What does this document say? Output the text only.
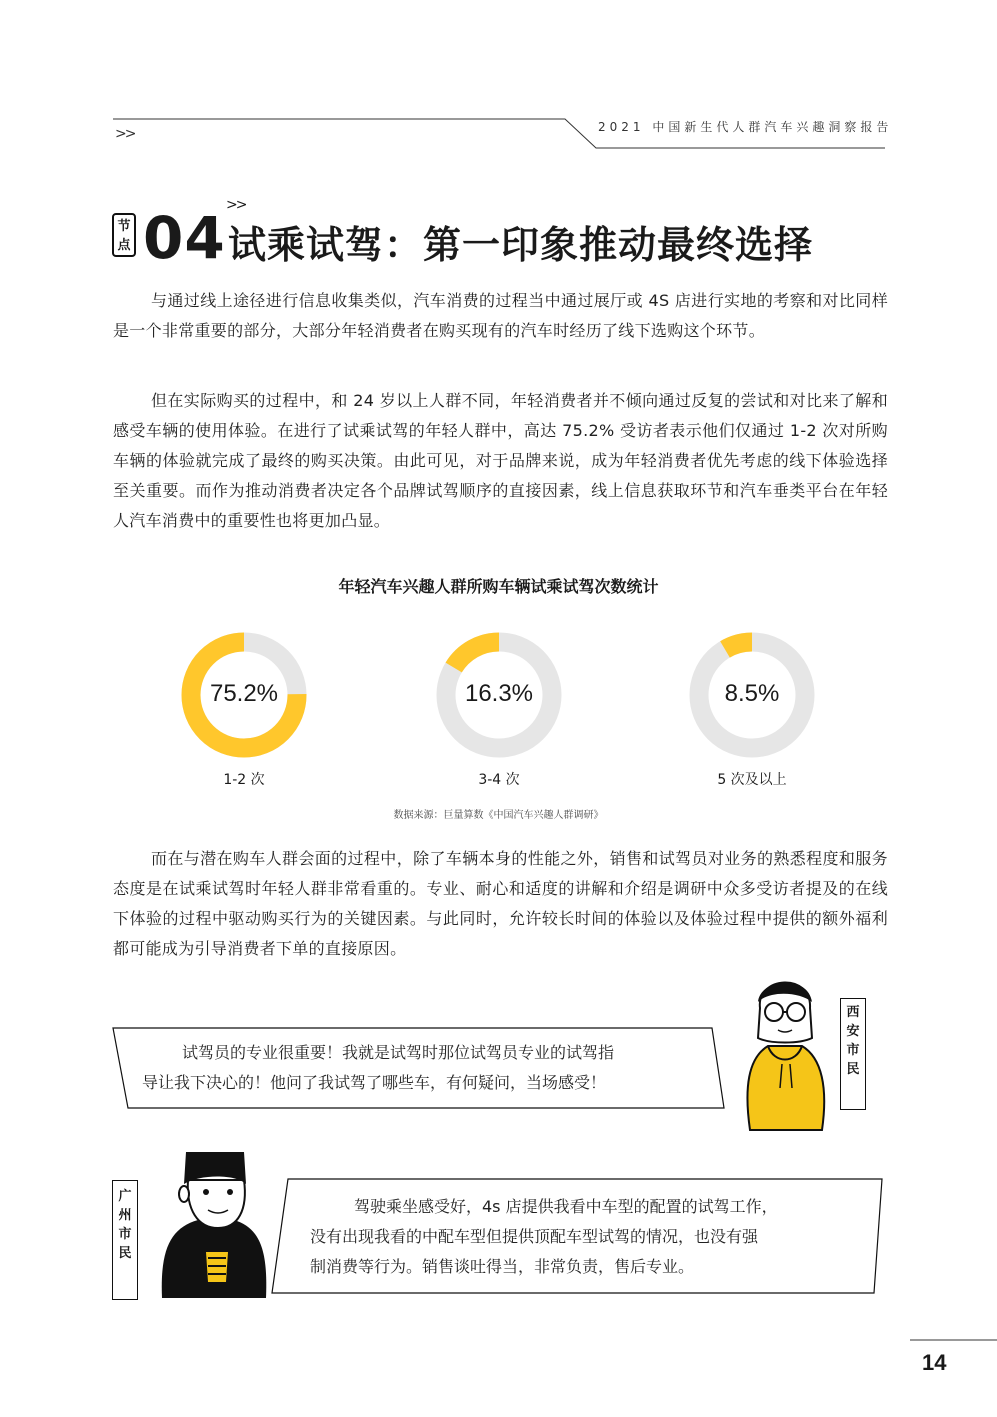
2021 中国新生代人群汽车兴趣洞察报告
>>
节
点 04 >>
试乘试驾：第一印象推动最终选择
与通过线上途径进行信息收集类似，汽车消费的过程当中通过展厅或 4S 店进行实地的考察和对比同样是一个非常重要的部分，大部分年轻消费者在购买现有的汽车时经历了线下选购这个环节。
但在实际购买的过程中，和 24 岁以上人群不同，年轻消费者并不倾向通过反复的尝试和对比来了解和感受车辆的使用体验。在进行了试乘试驾的年轻人群中，高达 75.2% 受访者表示他们仅通过 1-2 次对所购车辆的体验就完成了最终的购买决策。由此可见，对于品牌来说，成为年轻消费者优先考虑的线下体验选择至关重要。而作为推动消费者决定各个品牌试驾顺序的直接因素，线上信息获取环节和汽车垂类平台在年轻人汽车消费中的重要性也将更加凸显。
年轻汽车兴趣人群所购车辆试乘试驾次数统计
75.2%	16.3%	8.5%
1-2 次	3-4 次	5 次及以上
数据来源：巨量算数《中国汽车兴趣人群调研》
而在与潜在购车人群会面的过程中，除了车辆本身的性能之外，销售和试驾员对业务的熟悉程度和服务态度是在试乘试驾时年轻人群非常看重的。专业、耐心和适度的讲解和介绍是调研中众多受访者提及的在线下体验的过程中驱动购买行为的关键因素。与此同时，允许较长时间的体验以及体验过程中提供的额外福利都可能成为引导消费者下单的直接原因。
试驾员的专业很重要！我就是试驾时那位试驾员专业的试驾指
导让我下决心的！他问了我试驾了哪些车，有何疑问，当场感受！
西
安
市
民
驾驶乘坐感受好，4s 店提供我看中车型的配置的试驾工作，
没有出现我看的中配车型但提供顶配车型试驾的情况，也没有强
制消费等行为。销售谈吐得当，非常负责，售后专业。
广
州
市
民
14
